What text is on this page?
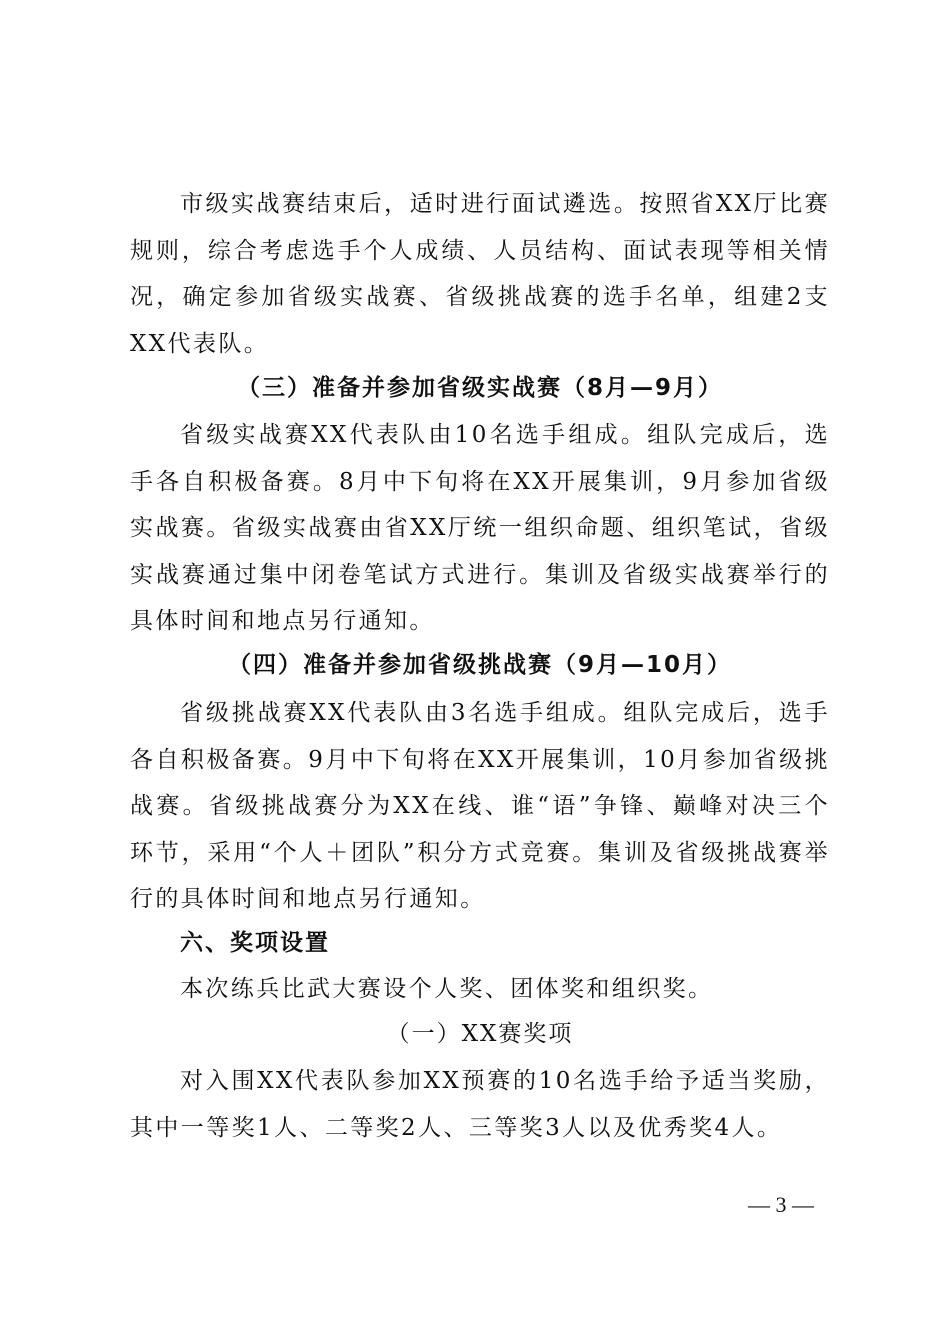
市级实战赛结束后，适时进行面试遴选。按照省XX厅比赛规则，综合考虑选手个人成绩、人员结构、面试表现等相关情况，确定参加省级实战赛、省级挑战赛的选手名单，组建2支XX代表队。

（三）准备并参加省级实战赛（8月—9月）

省级实战赛XX代表队由10名选手组成。组队完成后，选手各自积极备赛。8月中下旬将在XX开展集训，9月参加省级实战赛。省级实战赛由省XX厅统一组织命题、组织笔试，省级实战赛通过集中闭卷笔试方式进行。集训及省级实战赛举行的具体时间和地点另行通知。

（四）准备并参加省级挑战赛（9月—10月）

省级挑战赛XX代表队由3名选手组成。组队完成后，选手各自积极备赛。9月中下旬将在XX开展集训，10月参加省级挑战赛。省级挑战赛分为XX在线、谁“语”争锋、巅峰对决三个环节，采用“个人＋团队”积分方式竞赛。集训及省级挑战赛举行的具体时间和地点另行通知。

六、奖项设置

本次练兵比武大赛设个人奖、团体奖和组织奖。

（一）XX赛奖项

对入围XX代表队参加XX预赛的10名选手给予适当奖励，其中一等奖1人、二等奖2人、三等奖3人以及优秀奖4人。

— 3 —
